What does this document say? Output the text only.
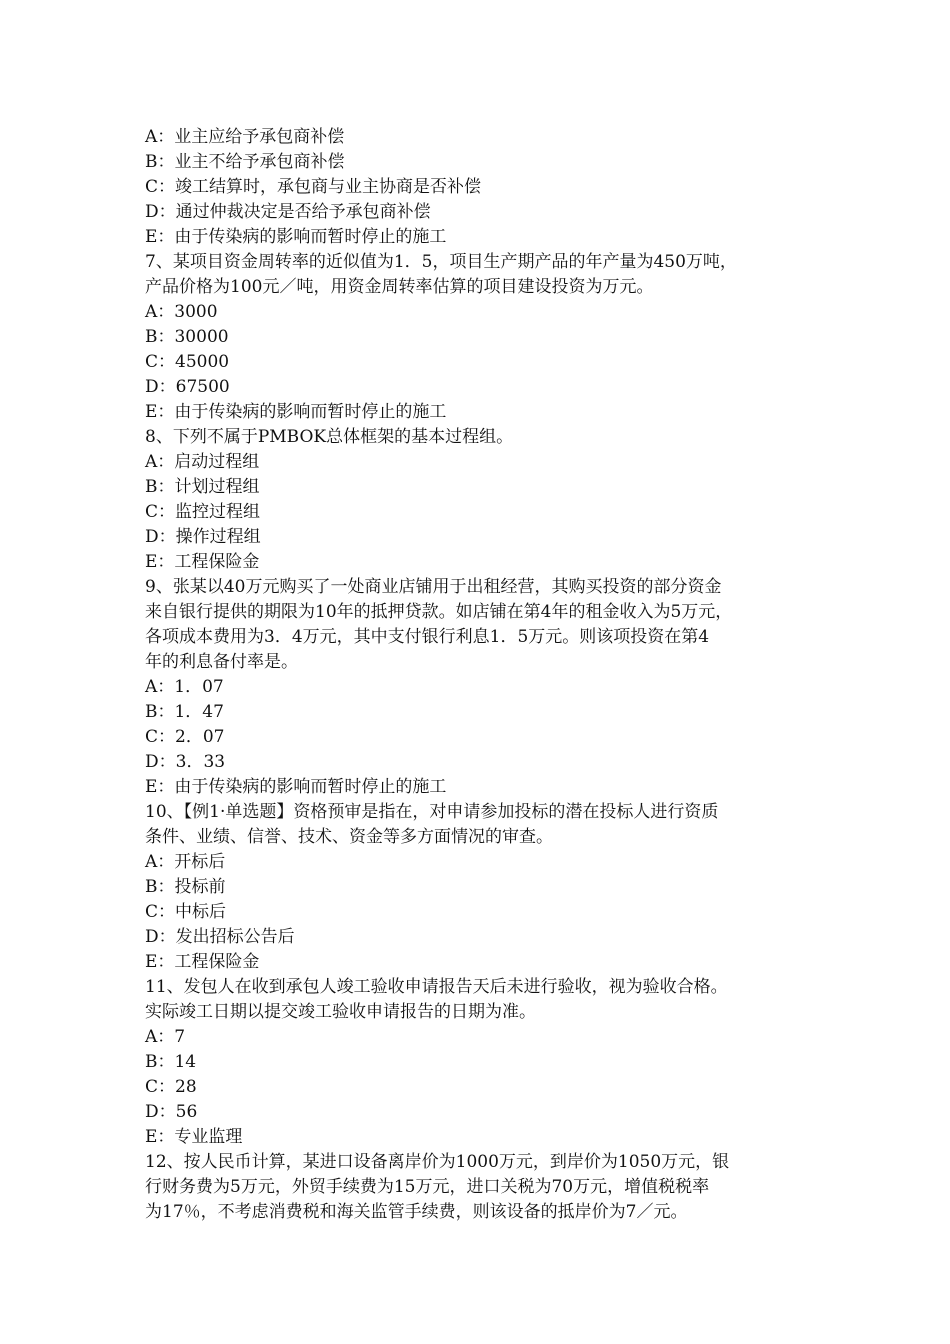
A：业主应给予承包商补偿
B：业主不给予承包商补偿
C：竣工结算时，承包商与业主协商是否补偿
D：通过仲裁决定是否给予承包商补偿
E：由于传染病的影响而暂时停止的施工
7、某项目资金周转率的近似值为1．5，项目生产期产品的年产量为450万吨，
产品价格为100元／吨，用资金周转率估算的项目建设投资为万元。
A：3000
B：30000
C：45000
D：67500
E：由于传染病的影响而暂时停止的施工
8、下列不属于PMBOK总体框架的基本过程组。
A：启动过程组
B：计划过程组
C：监控过程组
D：操作过程组
E：工程保险金
9、张某以40万元购买了一处商业店铺用于出租经营，其购买投资的部分资金
来自银行提供的期限为10年的抵押贷款。如店铺在第4年的租金收入为5万元，
各项成本费用为3．4万元，其中支付银行利息1．5万元。则该项投资在第4
年的利息备付率是。
A：1．07
B：1．47
C：2．07
D：3．33
E：由于传染病的影响而暂时停止的施工
10、【例1·单选题】资格预审是指在，对申请参加投标的潜在投标人进行资质
条件、业绩、信誉、技术、资金等多方面情况的审查。
A：开标后
B：投标前
C：中标后
D：发出招标公告后
E：工程保险金
11、发包人在收到承包人竣工验收申请报告天后未进行验收，视为验收合格。
实际竣工日期以提交竣工验收申请报告的日期为准。
A：7
B：14
C：28
D：56
E：专业监理
12、按人民币计算，某进口设备离岸价为1000万元，到岸价为1050万元，银
行财务费为5万元，外贸手续费为15万元，进口关税为70万元，增值税税率
为17％，不考虑消费税和海关监管手续费，则该设备的抵岸价为7／元。
